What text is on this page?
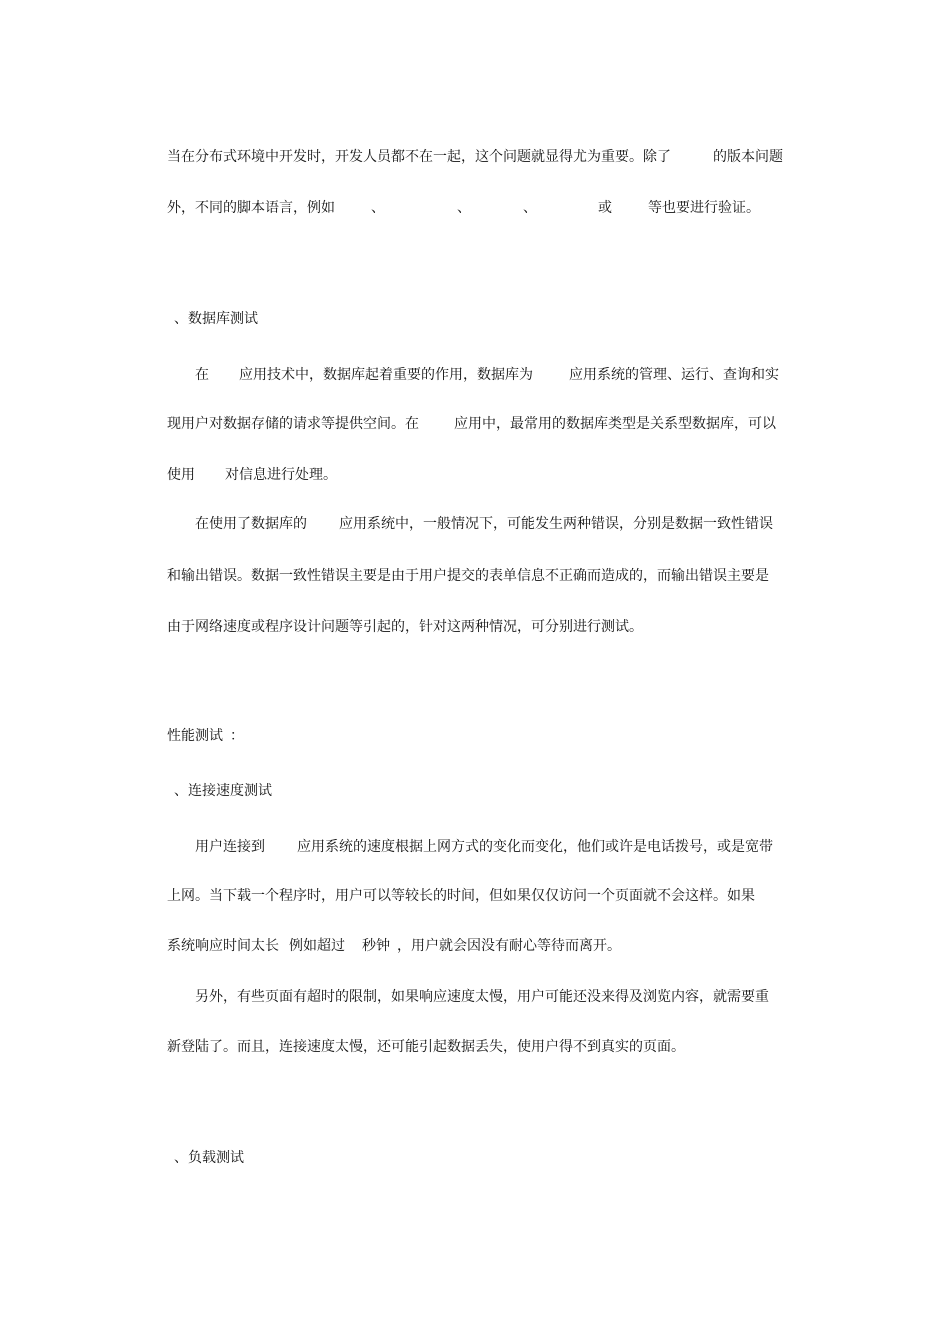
当在分布式环境中开发时，开发人员都不在一起，这个问题就显得尤为重要。除了	的版本问题

外，不同的脚本语言，例如	、	、	、	或	等也要进行验证。

、数据库测试

在 应用技术中，数据库起着重要的作用，数据库为	应用系统的管理、运行、查询和实

现用户对数据存储的请求等提供空间。在	应用中，最常用的数据库类型是关系型数据库，可以

使用 对信息进行处理。

在使用了数据库的 应用系统中，一般情况下，可能发生两种错误，分别是数据一致性错误

和输出错误。数据一致性错误主要是由于用户提交的表单信息不正确而造成的，而输出错误主要是

由于网络速度或程序设计问题等引起的，针对这两种情况，可分别进行测试。

性能测试 ：

、连接速度测试

用户连接到 应用系统的速度根据上网方式的变化而变化，他们或许是电话拨号，或是宽带

上网。当下载一个程序时，用户可以等较长的时间，但如果仅仅访问一个页面就不会这样。如果

系统响应时间太长 例如超过 秒钟 ，用户就会因没有耐心等待而离开。

另外，有些页面有超时的限制，如果响应速度太慢，用户可能还没来得及浏览内容，就需要重

新登陆了。而且，连接速度太慢，还可能引起数据丢失，使用户得不到真实的页面。

、负载测试
